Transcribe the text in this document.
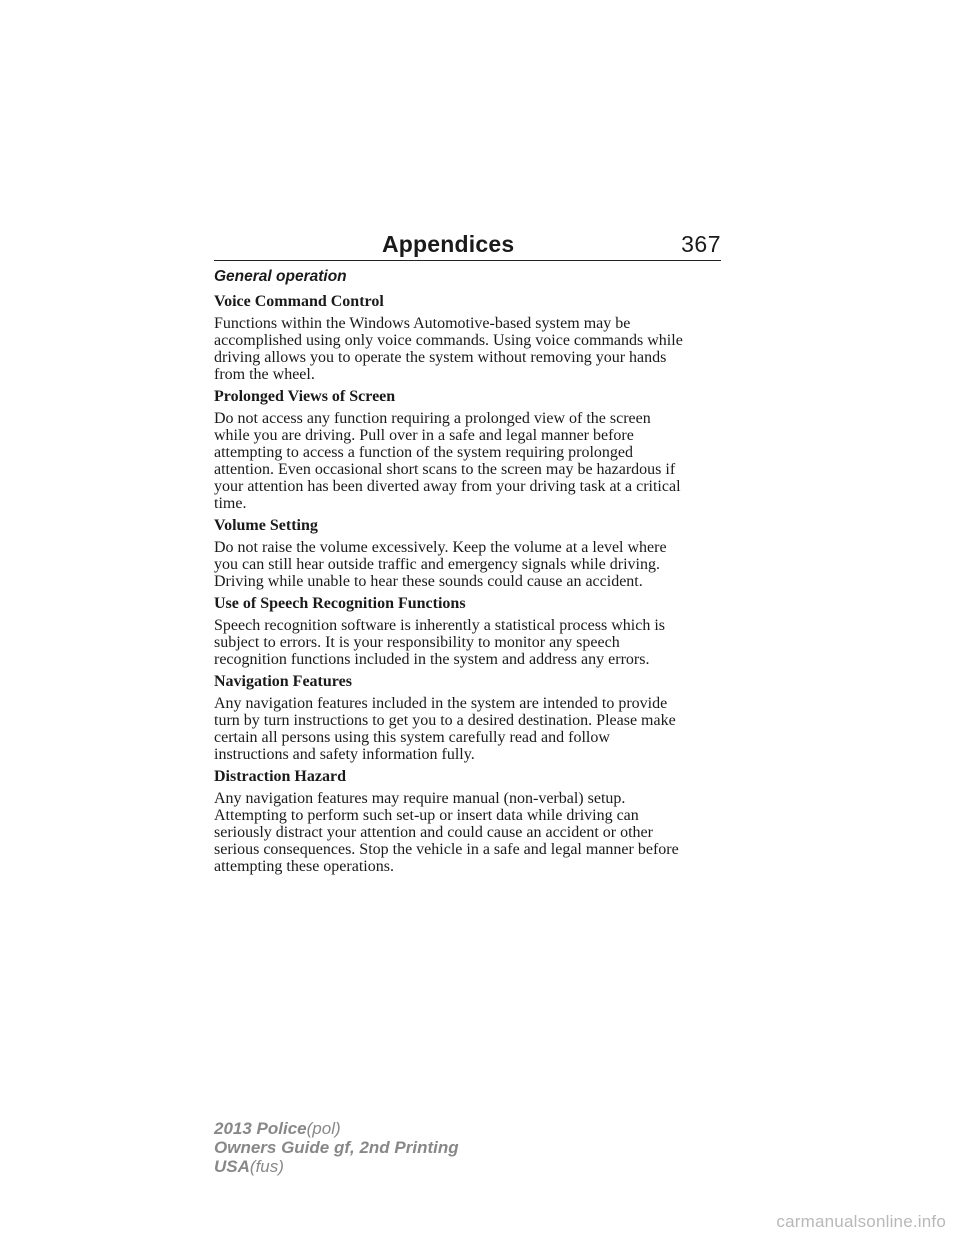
Appendices	367
General operation
Voice Command Control
Functions within the Windows Automotive-based system may be
accomplished using only voice commands. Using voice commands while
driving allows you to operate the system without removing your hands
from the wheel.
Prolonged Views of Screen
Do not access any function requiring a prolonged view of the screen
while you are driving. Pull over in a safe and legal manner before
attempting to access a function of the system requiring prolonged
attention. Even occasional short scans to the screen may be hazardous if
your attention has been diverted away from your driving task at a critical
time.
Volume Setting
Do not raise the volume excessively. Keep the volume at a level where
you can still hear outside traffic and emergency signals while driving.
Driving while unable to hear these sounds could cause an accident.
Use of Speech Recognition Functions
Speech recognition software is inherently a statistical process which is
subject to errors. It is your responsibility to monitor any speech
recognition functions included in the system and address any errors.
Navigation Features
Any navigation features included in the system are intended to provide
turn by turn instructions to get you to a desired destination. Please make
certain all persons using this system carefully read and follow
instructions and safety information fully.
Distraction Hazard
Any navigation features may require manual (non-verbal) setup.
Attempting to perform such set-up or insert data while driving can
seriously distract your attention and could cause an accident or other
serious consequences. Stop the vehicle in a safe and legal manner before
attempting these operations.
2013 Police(pol)
Owners Guide gf, 2nd Printing
USA(fus)
carmanualsonline.info
